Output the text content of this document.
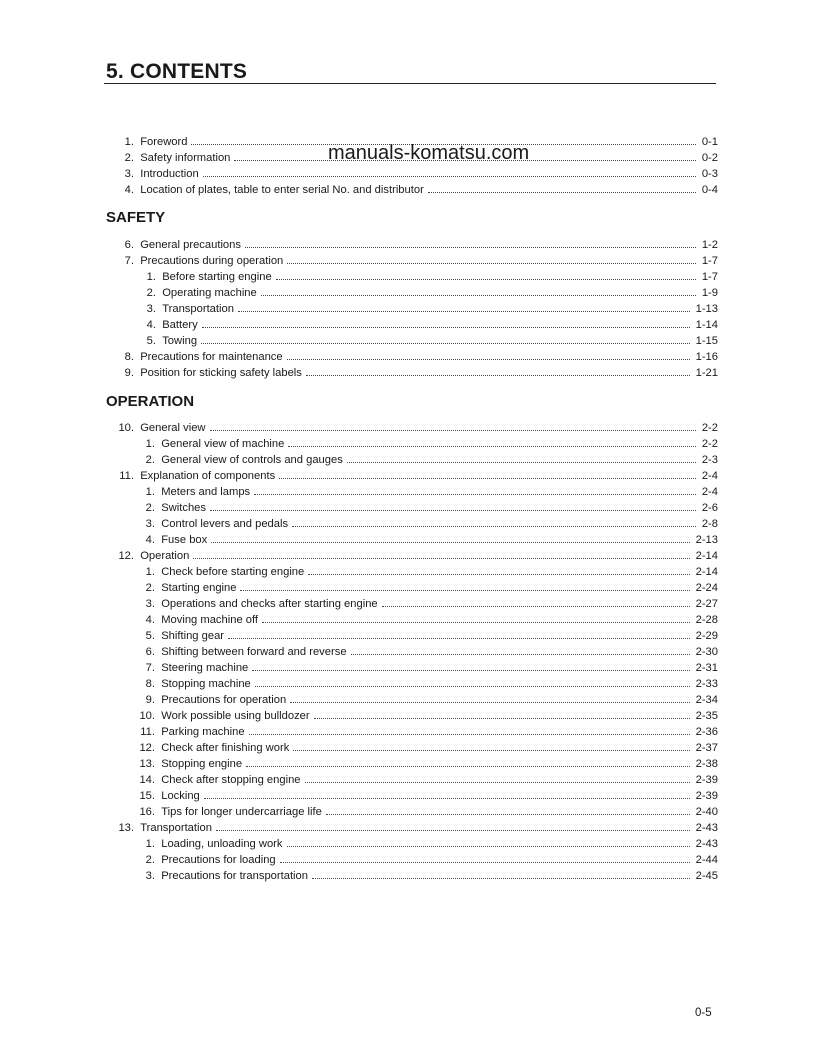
5. CONTENTS
1. Foreword	0-1
2. Safety information	0-2
3. Introduction	0-3
4. Location of plates, table to enter serial No. and distributor	0-4
manuals-komatsu.com
SAFETY
6. General precautions	1-2
7. Precautions during operation	1-7
1. Before starting engine	1-7
2. Operating machine	1-9
3. Transportation	1-13
4. Battery	1-14
5. Towing	1-15
8. Precautions for maintenance	1-16
9. Position for sticking safety labels	1-21
OPERATION
10. General view	2-2
1. General view of machine	2-2
2. General view of controls and gauges	2-3
11. Explanation of components	2-4
1. Meters and lamps	2-4
2. Switches	2-6
3. Control levers and pedals	2-8
4. Fuse box	2-13
12. Operation	2-14
1. Check before starting engine	2-14
2. Starting engine	2-24
3. Operations and checks after starting engine	2-27
4. Moving machine off	2-28
5. Shifting gear	2-29
6. Shifting between forward and reverse	2-30
7. Steering machine	2-31
8. Stopping machine	2-33
9. Precautions for operation	2-34
10. Work possible using bulldozer	2-35
11. Parking machine	2-36
12. Check after finishing work	2-37
13. Stopping engine	2-38
14. Check after stopping engine	2-39
15. Locking	2-39
16. Tips for longer undercarriage life	2-40
13. Transportation	2-43
1. Loading, unloading work	2-43
2. Precautions for loading	2-44
3. Precautions for transportation	2-45
0-5
